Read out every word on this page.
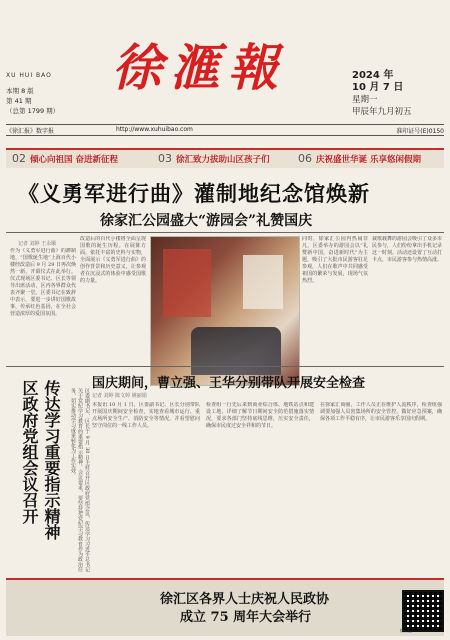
XU HUI BAO
本期 8 版
第 41 期
（总第 1799 期）
徐滙報	2024 年
10 月 7 日
星期一
甲辰年九月初五
《徐汇报》数字报	http://www.xuhuibao.com	准印证号(E)0150
02 倾心向祖国 奋进新征程	03 徐汇致力拔助山区孩子们	06 庆祝盛世华诞 乐享悠闲假期
《义勇军进行曲》灌制地纪念馆焕新
徐家汇公园盛大“游园会”礼赞国庆
记者 刘婷 王永顺
作为《义勇军进行曲》的灌制地，“国歌诞生地”上海百代小楼经改造后 9 月 29 日再次焕然一新，开幕仪式在此举行。仪式现场区委书记、区长等领导出席活动，区内各界群众代表齐聚一堂。区委书记在致辞中表示，要进一步讲好国歌故事，传承红色基因，在全社会营造浓厚的爱国氛围。
改造后的百代小楼将全面呈现国歌的诞生历程。在展陈方面，依托丰富的史料与实物，全面展示《义勇军进行曲》的创作背景和历史意义，让参观者在沉浸式的体验中感受国歌的力量。
同时，徐家汇公园内热闹非凡，区委举办的游园会以“礼赞新中国，奋进新时代”为主题，吸引了大批市民游客驻足参观，人们在歌声中共同感受祖国的繁荣与发展，现场气氛热烈。
裁歌载舞的游园会吸引了众多市民参与，人们纷纷拿出手机记录这一时刻。活动还设置了互动打卡点，市民游客参与热情高涨。
传达学习重要指示精神 区政府党组会议召开	区委副书记、区长于 9 月 30 日主持召开区政府党组会议，传达学习习近平总书记关于党纪学习教育的重要指示精神。会议要求，要坚持把党纪学习教育作为政治任务，切实推动学习成果转化为工作实效。
国庆期间，曹立强、王华分别带队开展安全检查
记者 刘婷 陈文婷 姚丽娟
本报讯 10 月 1 日，区委副书记、区长分别带队开展国庆期间安全检查，实地查看城市运行、重点场所安全生产、消防安全等情况，并看望慰问坚守岗位的一线工作人员。
检查组一行先后来到商业综合体、地铁站点和建设工地，详细了解节日期间安全防范措施落实情况，要求各部门坚持底线思维，压实安全责任，确保市民度过安全祥和的节日。
在徐家汇商圈，工作人员正在维护人流秩序，检查组强调要加强人员密集场所的安全管控，做好应急预案，确保各项工作平稳有序，让市民游客乐享国庆假期。
徐汇区各界人士庆祝人民政协
成立 75 周年大会举行
徐汇报
